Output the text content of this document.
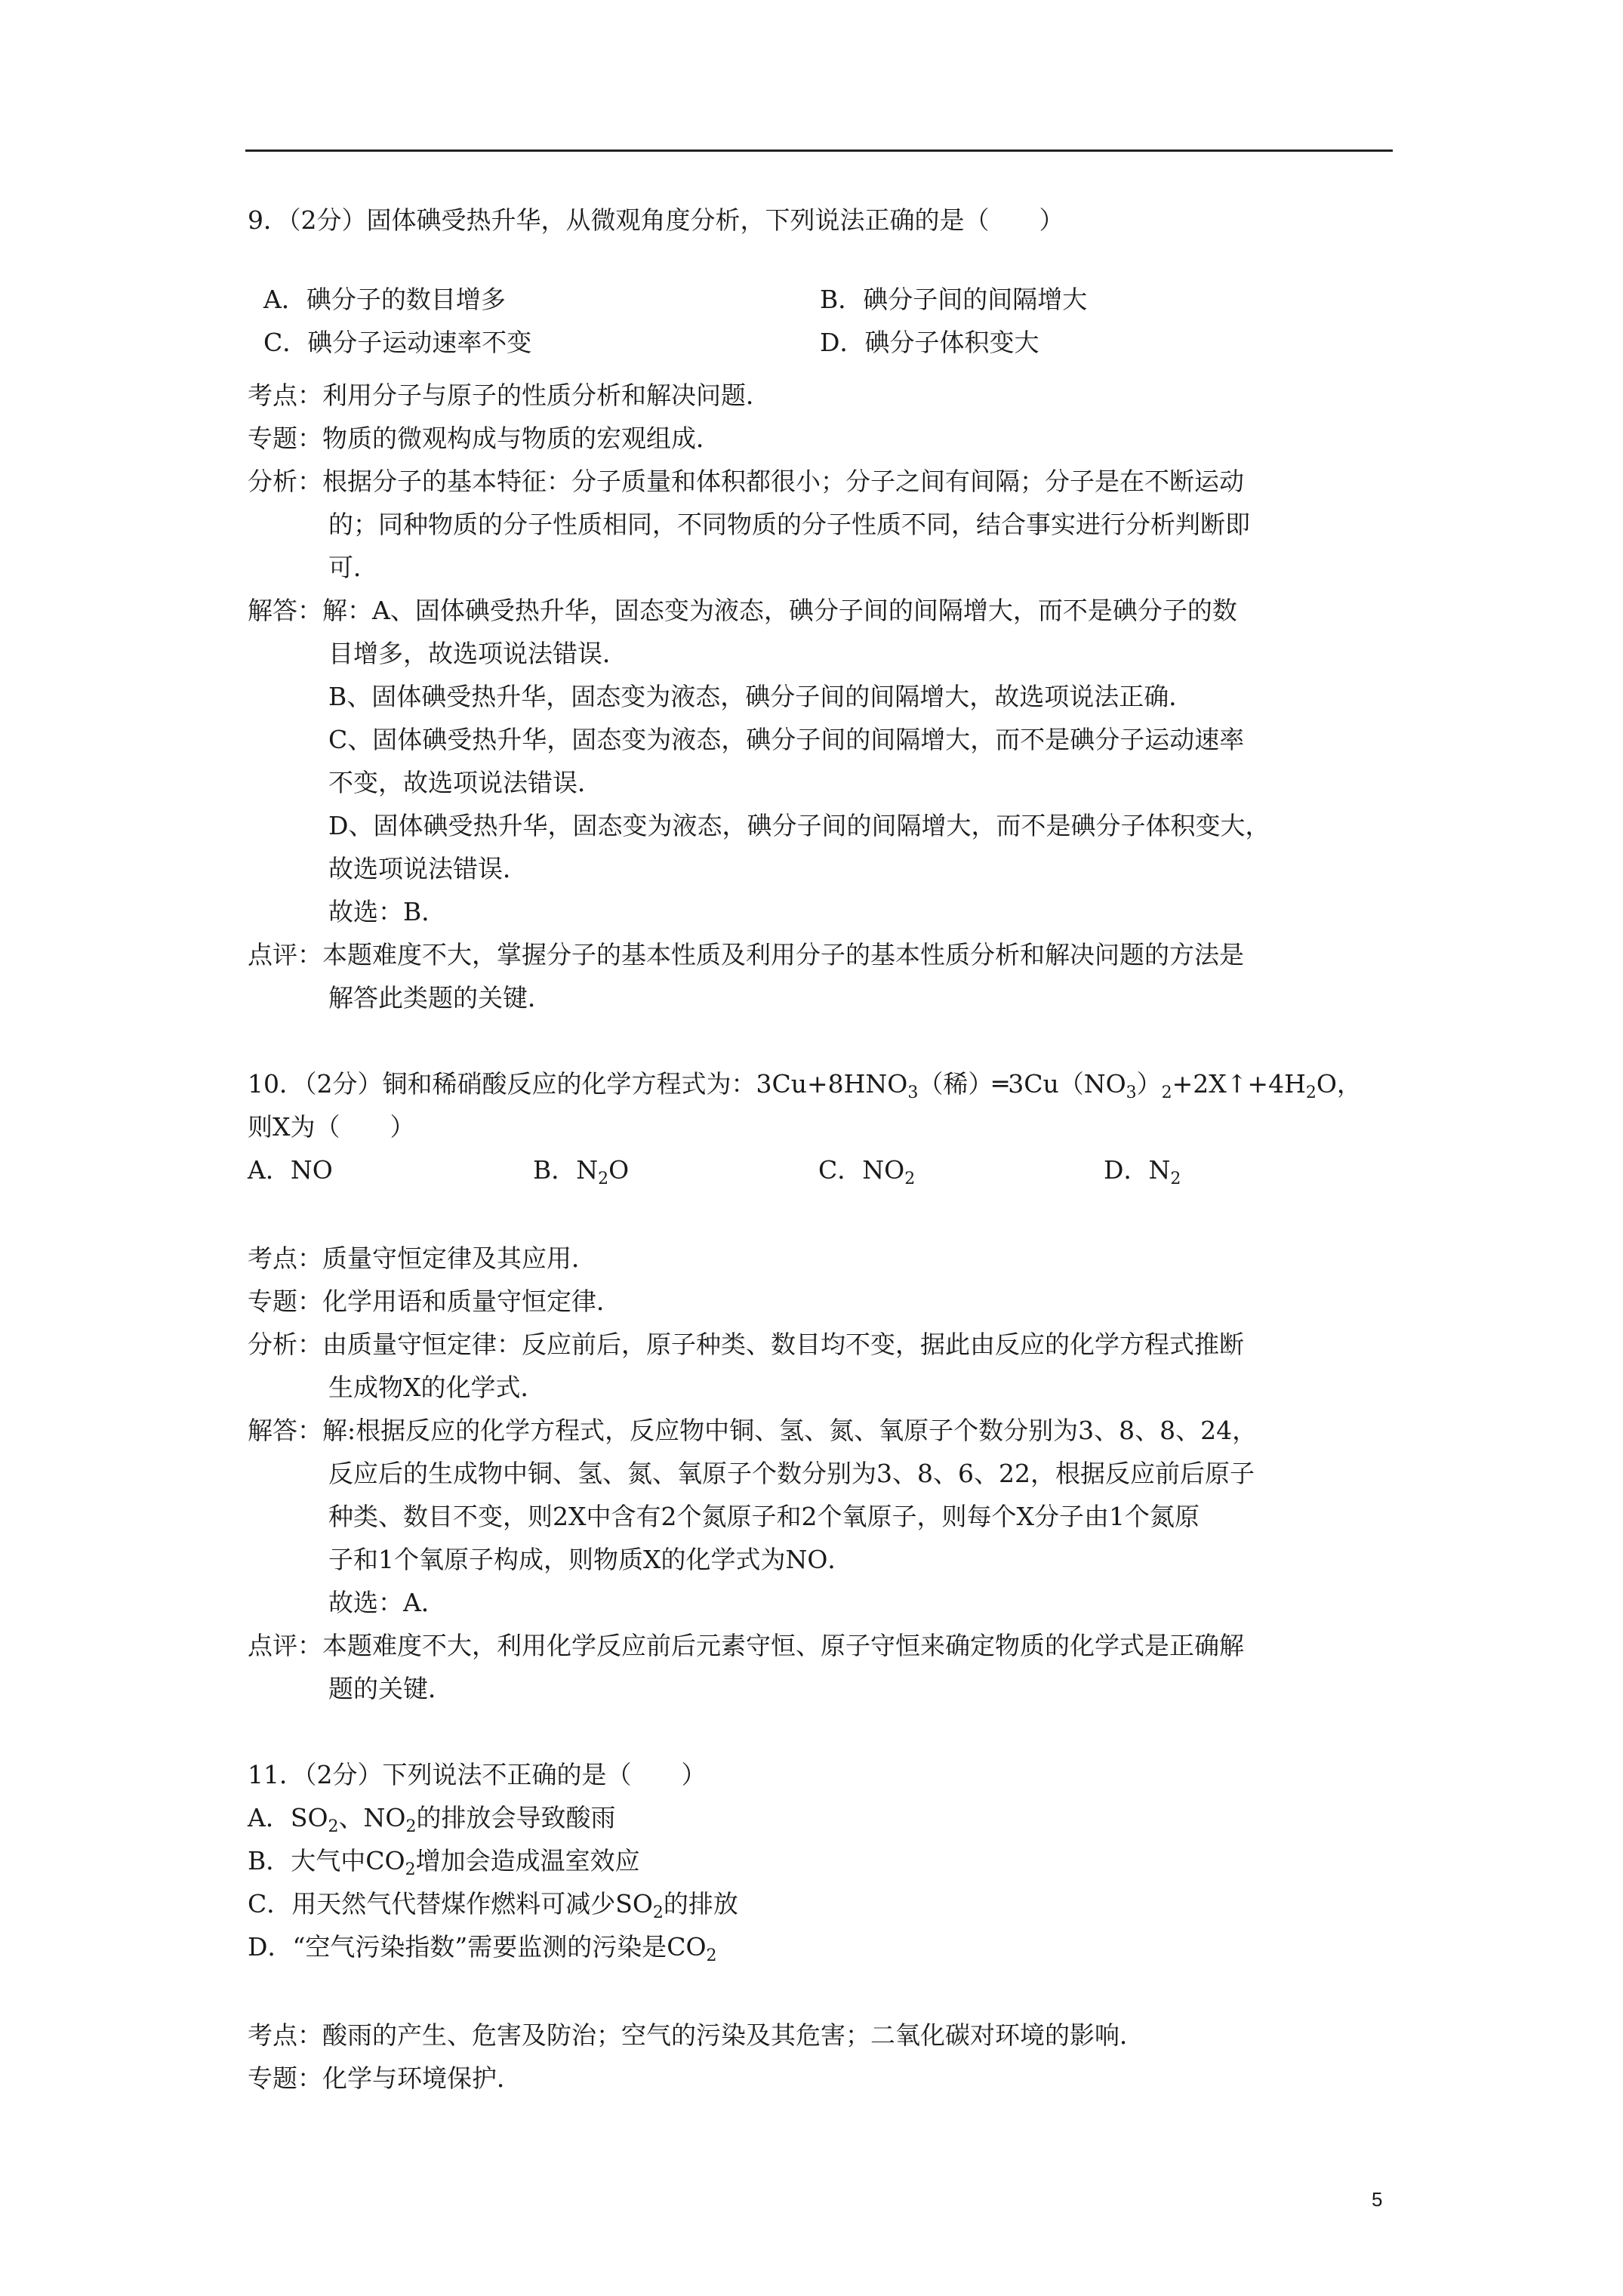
9．（2分）固体碘受热升华，从微观角度分析，下列说法正确的是（　　）

A．碘分子的数目增多	B．碘分子间的间隔增大

C．碘分子运动速率不变	D．碘分子体积变大

考点：利用分子与原子的性质分析和解决问题．
专题：物质的微观构成与物质的宏观组成．
分析：根据分子的基本特征：分子质量和体积都很小；分子之间有间隔；分子是在不断运动
的；同种物质的分子性质相同，不同物质的分子性质不同，结合事实进行分析判断即
可．
解答：解：A、固体碘受热升华，固态变为液态，碘分子间的间隔增大，而不是碘分子的数
目增多，故选项说法错误．
B、固体碘受热升华，固态变为液态，碘分子间的间隔增大，故选项说法正确．
C、固体碘受热升华，固态变为液态，碘分子间的间隔增大，而不是碘分子运动速率
不变，故选项说法错误．
D、固体碘受热升华，固态变为液态，碘分子间的间隔增大，而不是碘分子体积变大，
故选项说法错误．
故选：B．
点评：本题难度不大，掌握分子的基本性质及利用分子的基本性质分析和解决问题的方法是
解答此类题的关键．
10．（2分）铜和稀硝酸反应的化学方程式为：$3Cu+8HNO_3$（稀）$═3Cu(NO_3)_2+2X↑+4H_2O$，
则X为（　　）

A．NO

	B．$N_2O$

	C．$NO_2$

	D．$N_2$

考点：质量守恒定律及其应用．
专题：化学用语和质量守恒定律．
分析：由质量守恒定律：反应前后，原子种类、数目均不变，据此由反应的化学方程式推断
生成物X的化学式．
解答：解:根据反应的化学方程式，反应物中铜、氢、氮、氧原子个数分别为3、8、8、24，
反应后的生成物中铜、氢、氮、氧原子个数分别为3、8、6、22，根据反应前后原子
种类、数目不变，则2X中含有2个氮原子和2个氧原子，则每个X分子由1个氮原
子和1个氧原子构成，则物质X的化学式为NO．
故选：A．
点评：本题难度不大，利用化学反应前后元素守恒、原子守恒来确定物质的化学式是正确解
题的关键．
11．（2分）下列说法不正确的是（　　）
A．$SO_2$、$NO_2$的排放会导致酸雨
B．大气中$CO_2$增加会造成温室效应
C．用天然气代替煤作燃料可减少$SO_2$的排放
D．“空气污染指数”需要监测的污染是$CO_2$
考点：酸雨的产生、危害及防治；空气的污染及其危害；二氧化碳对环境的影响．
专题：化学与环境保护．
5
